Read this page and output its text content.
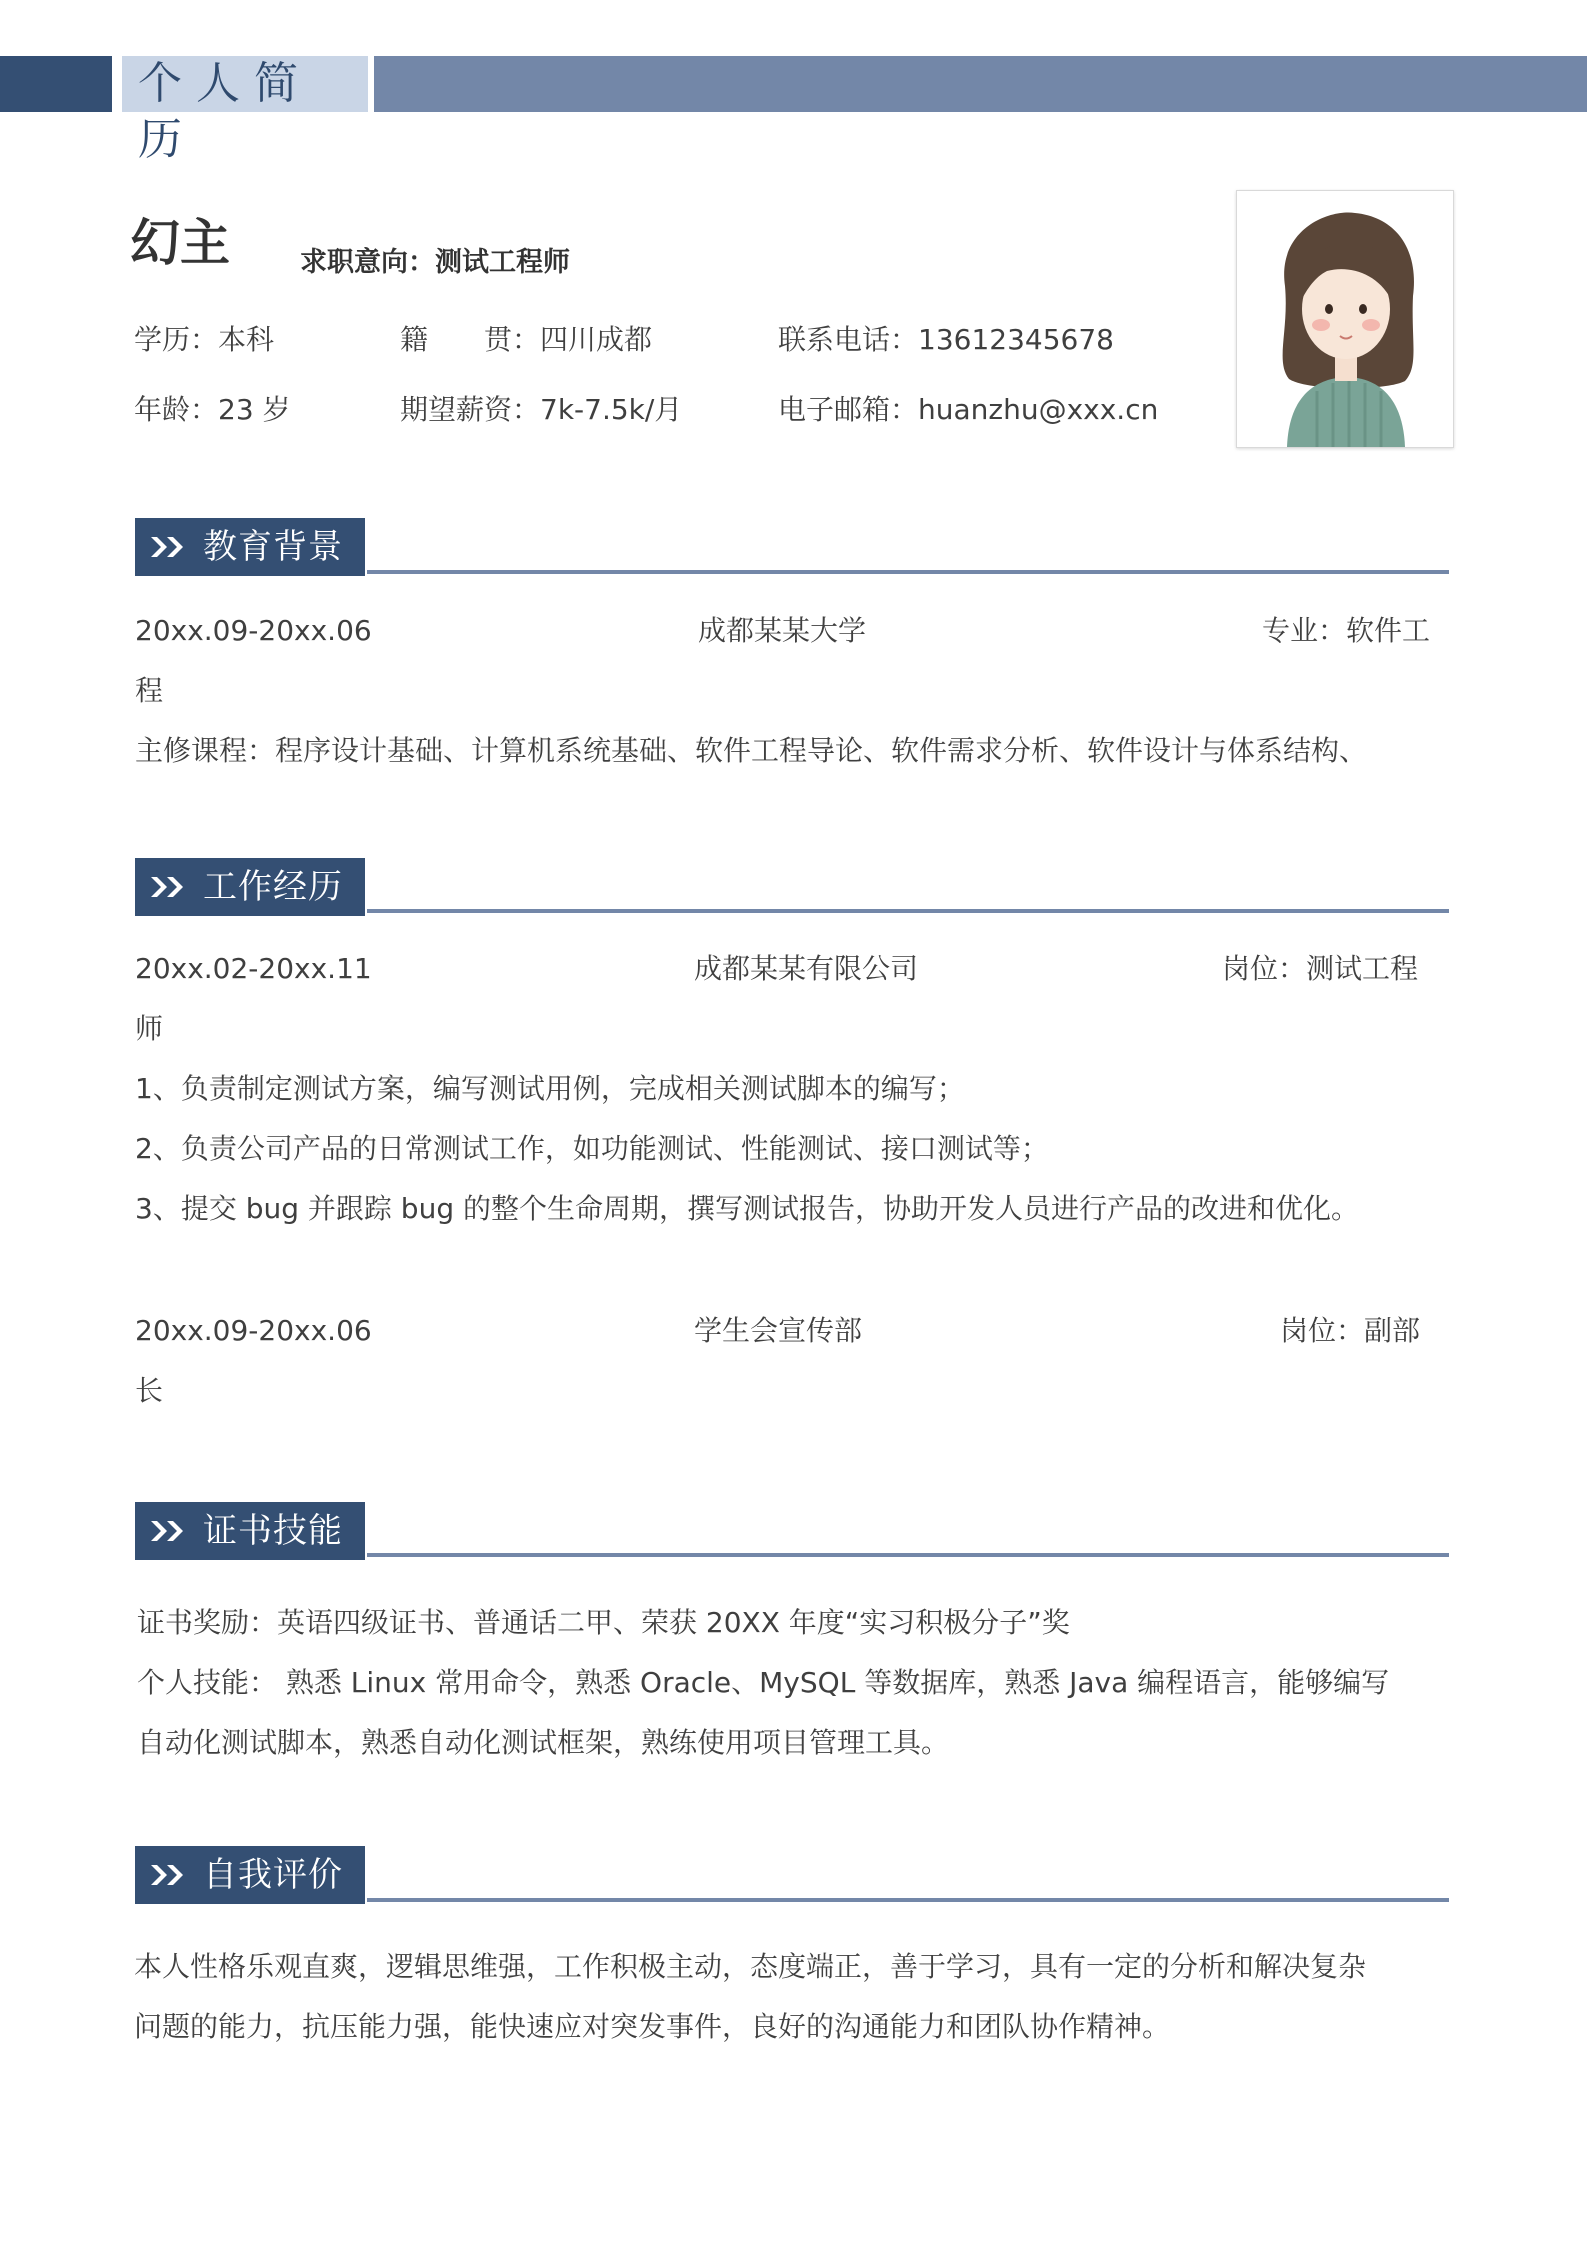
个人简历
幻主	求职意向：测试工程师
学历：本科	籍　　贯：四川成都	联系电话：13612345678
年龄：23 岁	期望薪资：7k-7.5k/月	电子邮箱：huanzhu@xxx.cn
教育背景
20xx.09-20xx.06	成都某某大学	专业：软件工
程
主修课程：程序设计基础、计算机系统基础、软件工程导论、软件需求分析、软件设计与体系结构、
工作经历
20xx.02-20xx.11	成都某某有限公司	岗位：测试工程
师
1、负责制定测试方案，编写测试用例，完成相关测试脚本的编写；
2、负责公司产品的日常测试工作，如功能测试、性能测试、接口测试等；
3、提交 bug 并跟踪 bug 的整个生命周期，撰写测试报告，协助开发人员进行产品的改进和优化。
20xx.09-20xx.06	学生会宣传部	岗位：副部
长
证书技能
证书奖励：英语四级证书、普通话二甲、荣获 20XX 年度“实习积极分子”奖
个人技能： 熟悉 Linux 常用命令，熟悉 Oracle、MySQL 等数据库，熟悉 Java 编程语言，能够编写
自动化测试脚本，熟悉自动化测试框架，熟练使用项目管理工具。
自我评价
本人性格乐观直爽，逻辑思维强，工作积极主动，态度端正，善于学习，具有一定的分析和解决复杂
问题的能力，抗压能力强，能快速应对突发事件，良好的沟通能力和团队协作精神。
